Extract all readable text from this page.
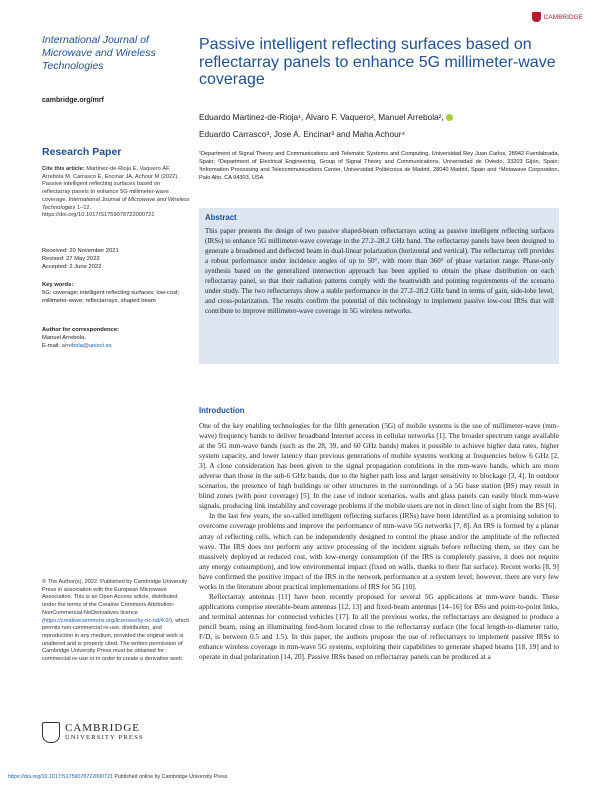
CAMBRIDGE
International Journal of Microwave and Wireless Technologies
cambridge.org/mrf
Research Paper
Cite this article: Martinez-de-Rioja E, Vaquero ÁF, Arrebola M, Carrasco E, Encinar JA, Achour M (2022). Passive intelligent reflecting surfaces based on reflectarray panels to enhance 5G millimeter-wave coverage. International Journal of Microwave and Wireless Technologies 1–12. https://doi.org/10.1017/S1759078722000721
Received: 20 November 2021
Revised: 27 May 2022
Accepted: 2 June 2022
Key words:
5G; coverage; intelligent reflecting surfaces; low-cost; millimeter-wave; reflectarrays, shaped beam
Author for correspondence:
Manuel Arrebola,
E-mail: arrebola@uniovi.es
© The Author(s), 2022. Published by Cambridge University Press in association with the European Microwave Association. This is an Open Access article, distributed under the terms of the Creative Commons Attribution-NonCommercial-NoDerivatives licence (https://creativecommons.org/licenses/by-nc-nd/4.0/), which permits non-commercial re-use, distribution, and reproduction in any medium, provided the original work is unaltered and is properly cited. The written permission of Cambridge University Press must be obtained for commercial re-use or in order to create a derivative work.
CAMBRIDGE
UNIVERSITY PRESS
https://doi.org/10.1017/S1759078722000721 Published online by Cambridge University Press
Passive intelligent reflecting surfaces based on reflectarray panels to enhance 5G millimeter-wave coverage
Eduardo Martinez-de-Rioja¹, Álvaro F. Vaquero², Manuel Arrebola²,
Eduardo Carrasco³, Jose A. Encinar³ and Maha Achour⁴
¹Department of Signal Theory and Communications and Telematic Systems and Computing, Universidad Rey Juan Carlos, 28942 Fuenlabrada, Spain; ²Department of Electrical Engineering, Group of Signal Theory and Communications, Universidad de Oviedo, 33203 Gijón, Spain; ³Information Processing and Telecommunications Center, Universidad Politécnica de Madrid, 28040 Madrid, Spain and ⁴Metawave Corporation, Palo Alto, CA 94303, USA
Abstract
This paper presents the design of two passive shaped-beam reflectarrays acting as passive intelligent reflecting surfaces (IRSs) to enhance 5G millimeter-wave coverage in the 27.2–28.2 GHz band. The reflectarray panels have been designed to generate a broadened and deflected beam in dual-linear polarization (horizontal and vertical). The reflectarray cell provides a robust performance under incidence angles of up to 50°, with more than 360° of phase variation range. Phase-only synthesis based on the generalized intersection approach has been applied to obtain the phase distribution on each reflectarray panel, so that their radiation patterns comply with the beamwidth and pointing requirements of the scenario under study. The two reflectarrays show a stable performance in the 27.2–28.2 GHz band in terms of gain, side-lobe level, and cross-polarization. The results confirm the potential of this technology to implement passive low-cost IRSs that will contribute to improve millimeter-wave coverage in 5G wireless networks.
Introduction

One of the key enabling technologies for the fifth generation (5G) of mobile systems is the use of millimeter-wave (mm-wave) frequency bands to deliver broadband Internet access in cellular networks [1]. The broader spectrum range available at the 5G mm-wave bands (such as the 28, 39, and 60 GHz bands) makes it possible to achieve higher data rates, higher system capacity, and lower latency than previous generations of mobile systems working at frequencies below 6 GHz [2, 3]. A close consideration has been given to the signal propagation conditions in the mm-wave bands, which are more adverse than those in the sub-6 GHz bands, due to the higher path loss and larger sensitivity to blockage [3, 4]. In outdoor scenarios, the presence of high buildings or other structures in the surroundings of a 5G base station (BS) may result in blind zones (with poor coverage) [5]. In the case of indoor scenarios, walls and glass panels can easily block mm-wave signals, producing link instability and coverage problems if the mobile users are not in direct line of sight from the BS [6].

In the last few years, the so-called intelligent reflecting surfaces (IRSs) have been identified as a promising solution to overcome coverage problems and improve the performance of mm-wave 5G networks [7, 8]. An IRS is formed by a planar array of reflecting cells, which can be independently designed to control the phase and/or the amplitude of the reflected wave. The IRS does not perform any active processing of the incident signals before reflecting them, so they can be massively deployed at reduced cost, with low-energy consumption (if the IRS is completely passive, it does not require any energy consumption), and low environmental impact (fixed on walls, thanks to their flat surface). Recent works [8, 9] have confirmed the positive impact of the IRS in the network performance at a system level; however, there are very few works in the literature about practical implementations of IRS for 5G [10].

Reflectarray antennas [11] have been recently proposed for several 5G applications at mm-wave bands. These applications comprise steerable-beam antennas [12, 13] and fixed-beam antennas [14–16] for BSs and point-to-point links, and terminal antennas for connected vehicles [17]. In all the previous works, the reflectarrays are designed to produce a pencil beam, using an illuminating feed-horn located close to the reflectarray surface (the focal length-to-diameter ratio, F/D, is between 0.5 and 1.5). In this paper, the authors propose the use of reflectarrays to implement passive IRSs to enhance wireless coverage in mm-wave 5G systems, exploiting their capabilities to generate shaped beams [18, 19] and to operate in dual polarization [14, 20]. Passive IRSs based on reflectarray panels can be produced at a
